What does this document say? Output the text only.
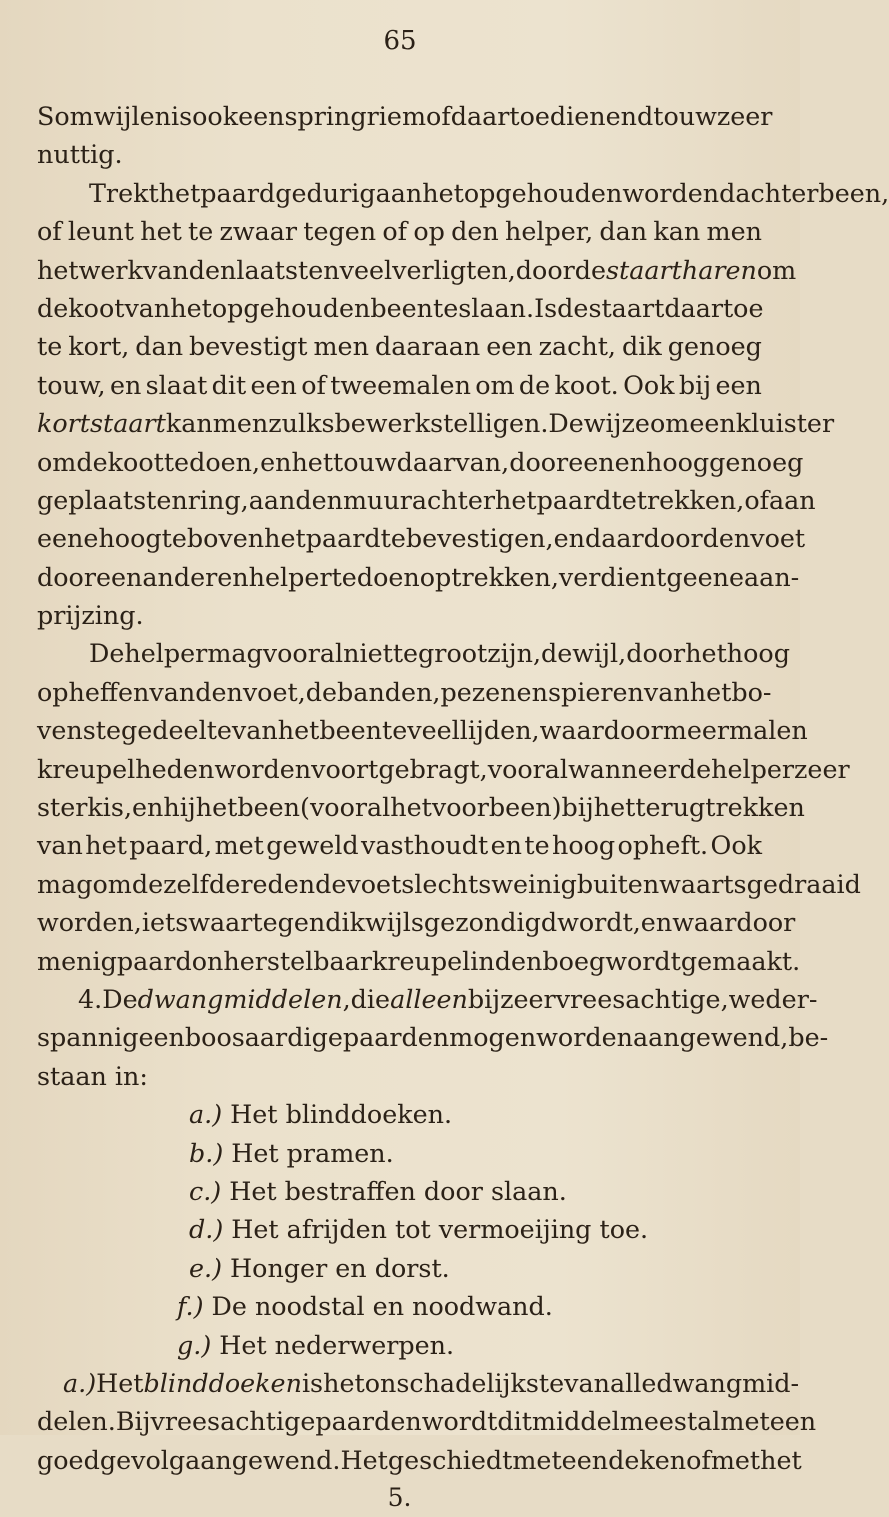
65
Somwijlen is ook een springriem of daartoe dienend touw zeer
nuttig.
Trekt het paard gedurig aan het opgehouden wordend achterbeen ,
of leunt het te zwaar tegen of op den helper, dan kan men
het werk van den laatsten veel verligten, door de staartharen om
de koot van het opgehouden been te slaan. Is de staart daartoe
te kort, dan bevestigt men daaraan een zacht, dik genoeg
touw, en slaat dit een of tweemalen om de koot. Ook bij een
kortstaart kan men zulks bewerkstelligen. De wijze om een kluister
om de koot te doen , en het touw daarvan , door eenen hoog genoeg
geplaatsten ring , aan den muur achter het paard te trekken , of aan
eene hoogte boven het paard te bevestigen, en daardoor den voet
door een anderen helper te doen optrekken , verdient geene aan-
prijzing.
De helper mag vooral niet te groot zijn , dewijl, door het hoog
opheffen van den voet, de banden, pezen en spieren van het bo-
venste gedeelte van het been te veel lijden , waardoor meermalen
kreupelheden worden voortgebragt, vooral wanneer de helper zeer
sterk is , en hij het been (vooral het voorbeen) bij het terugtrekken
van het paard, met geweld vasthoudt en te hoog opheft. Ook
mag om dezelfde reden de voet slechts weinig buitenwaarts gedraaid
worden, iets waartegen dikwijls gezondigd wordt, en waardoor
menig paard onherstelbaar kreupel in den boeg wordt gemaakt.
4. De dwangmiddelen , die alleen bij zeer vreesachtige , weder-
spannige en boosaardige paarden mogen worden aangewend , be-
staan in:
a.) Het blinddoeken.
b.) Het pramen.
c.) Het bestraffen door slaan.
d.) Het afrijden tot vermoeijing toe.
e.) Honger en dorst.
f.) De noodstal en noodwand.
g.) Het nederwerpen.
a.) Het blinddoeken is het onschadelijkste van alle dwangmid-
delen. Bij vreesachtige paarden wordt dit middel meestal met een
goed gevolg aangewend. Het geschiedt met een deken of met het
5.
